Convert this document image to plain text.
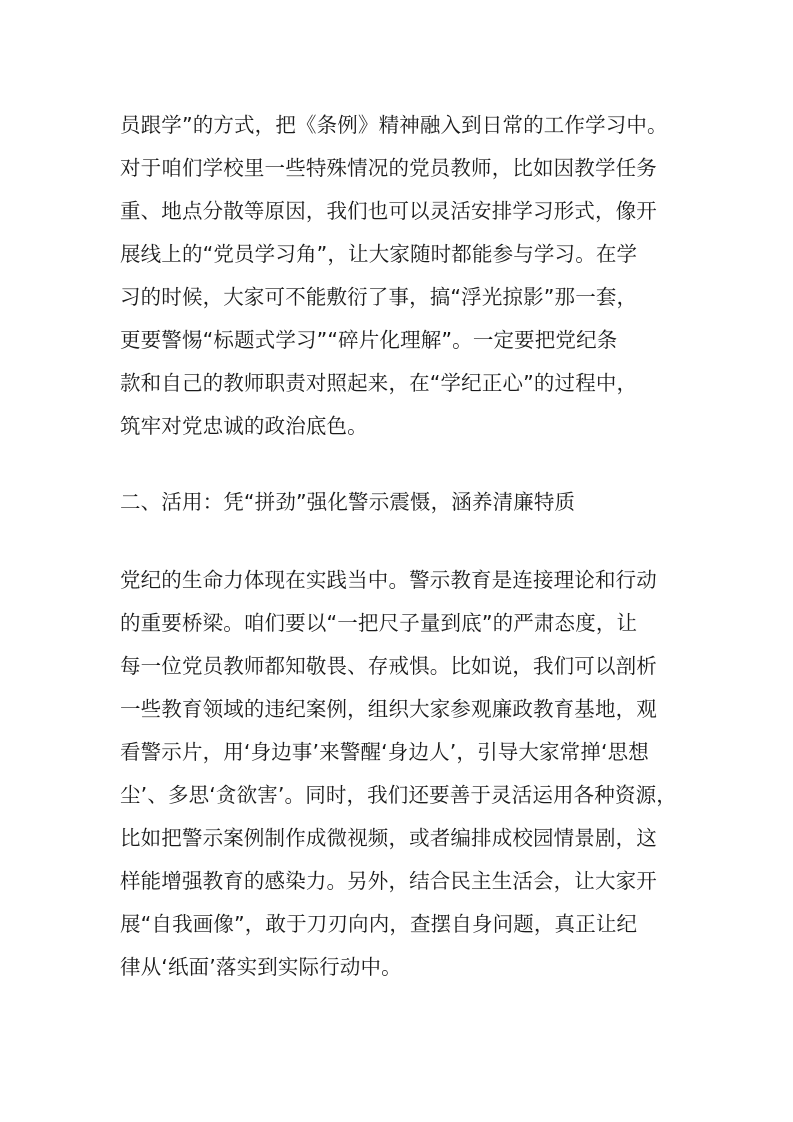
员跟学”的方式，把《条例》精神融入到日常的工作学习中。

对于咱们学校里一些特殊情况的党员教师，比如因教学任务

重、地点分散等原因，我们也可以灵活安排学习形式，像开

展线上的“党员学习角”，让大家随时都能参与学习。在学

习的时候，大家可不能敷衍了事，搞“浮光掠影”那一套，

更要警惕“标题式学习”“碎片化理解”。一定要把党纪条

款和自己的教师职责对照起来，在“学纪正心”的过程中，

筑牢对党忠诚的政治底色。

二、活用：凭“拼劲”强化警示震慑，涵养清廉特质

党纪的生命力体现在实践当中。警示教育是连接理论和行动

的重要桥梁。咱们要以“一把尺子量到底”的严肃态度，让

每一位党员教师都知敬畏、存戒惧。比如说，我们可以剖析

一些教育领域的违纪案例，组织大家参观廉政教育基地，观

看警示片，用‘身边事’来警醒‘身边人’，引导大家常掸‘思想

尘’、多思‘贪欲害’。同时，我们还要善于灵活运用各种资源，

比如把警示案例制作成微视频，或者编排成校园情景剧，这

样能增强教育的感染力。另外，结合民主生活会，让大家开

展“自我画像”，敢于刀刃向内，查摆自身问题，真正让纪

律从‘纸面’落实到实际行动中。
